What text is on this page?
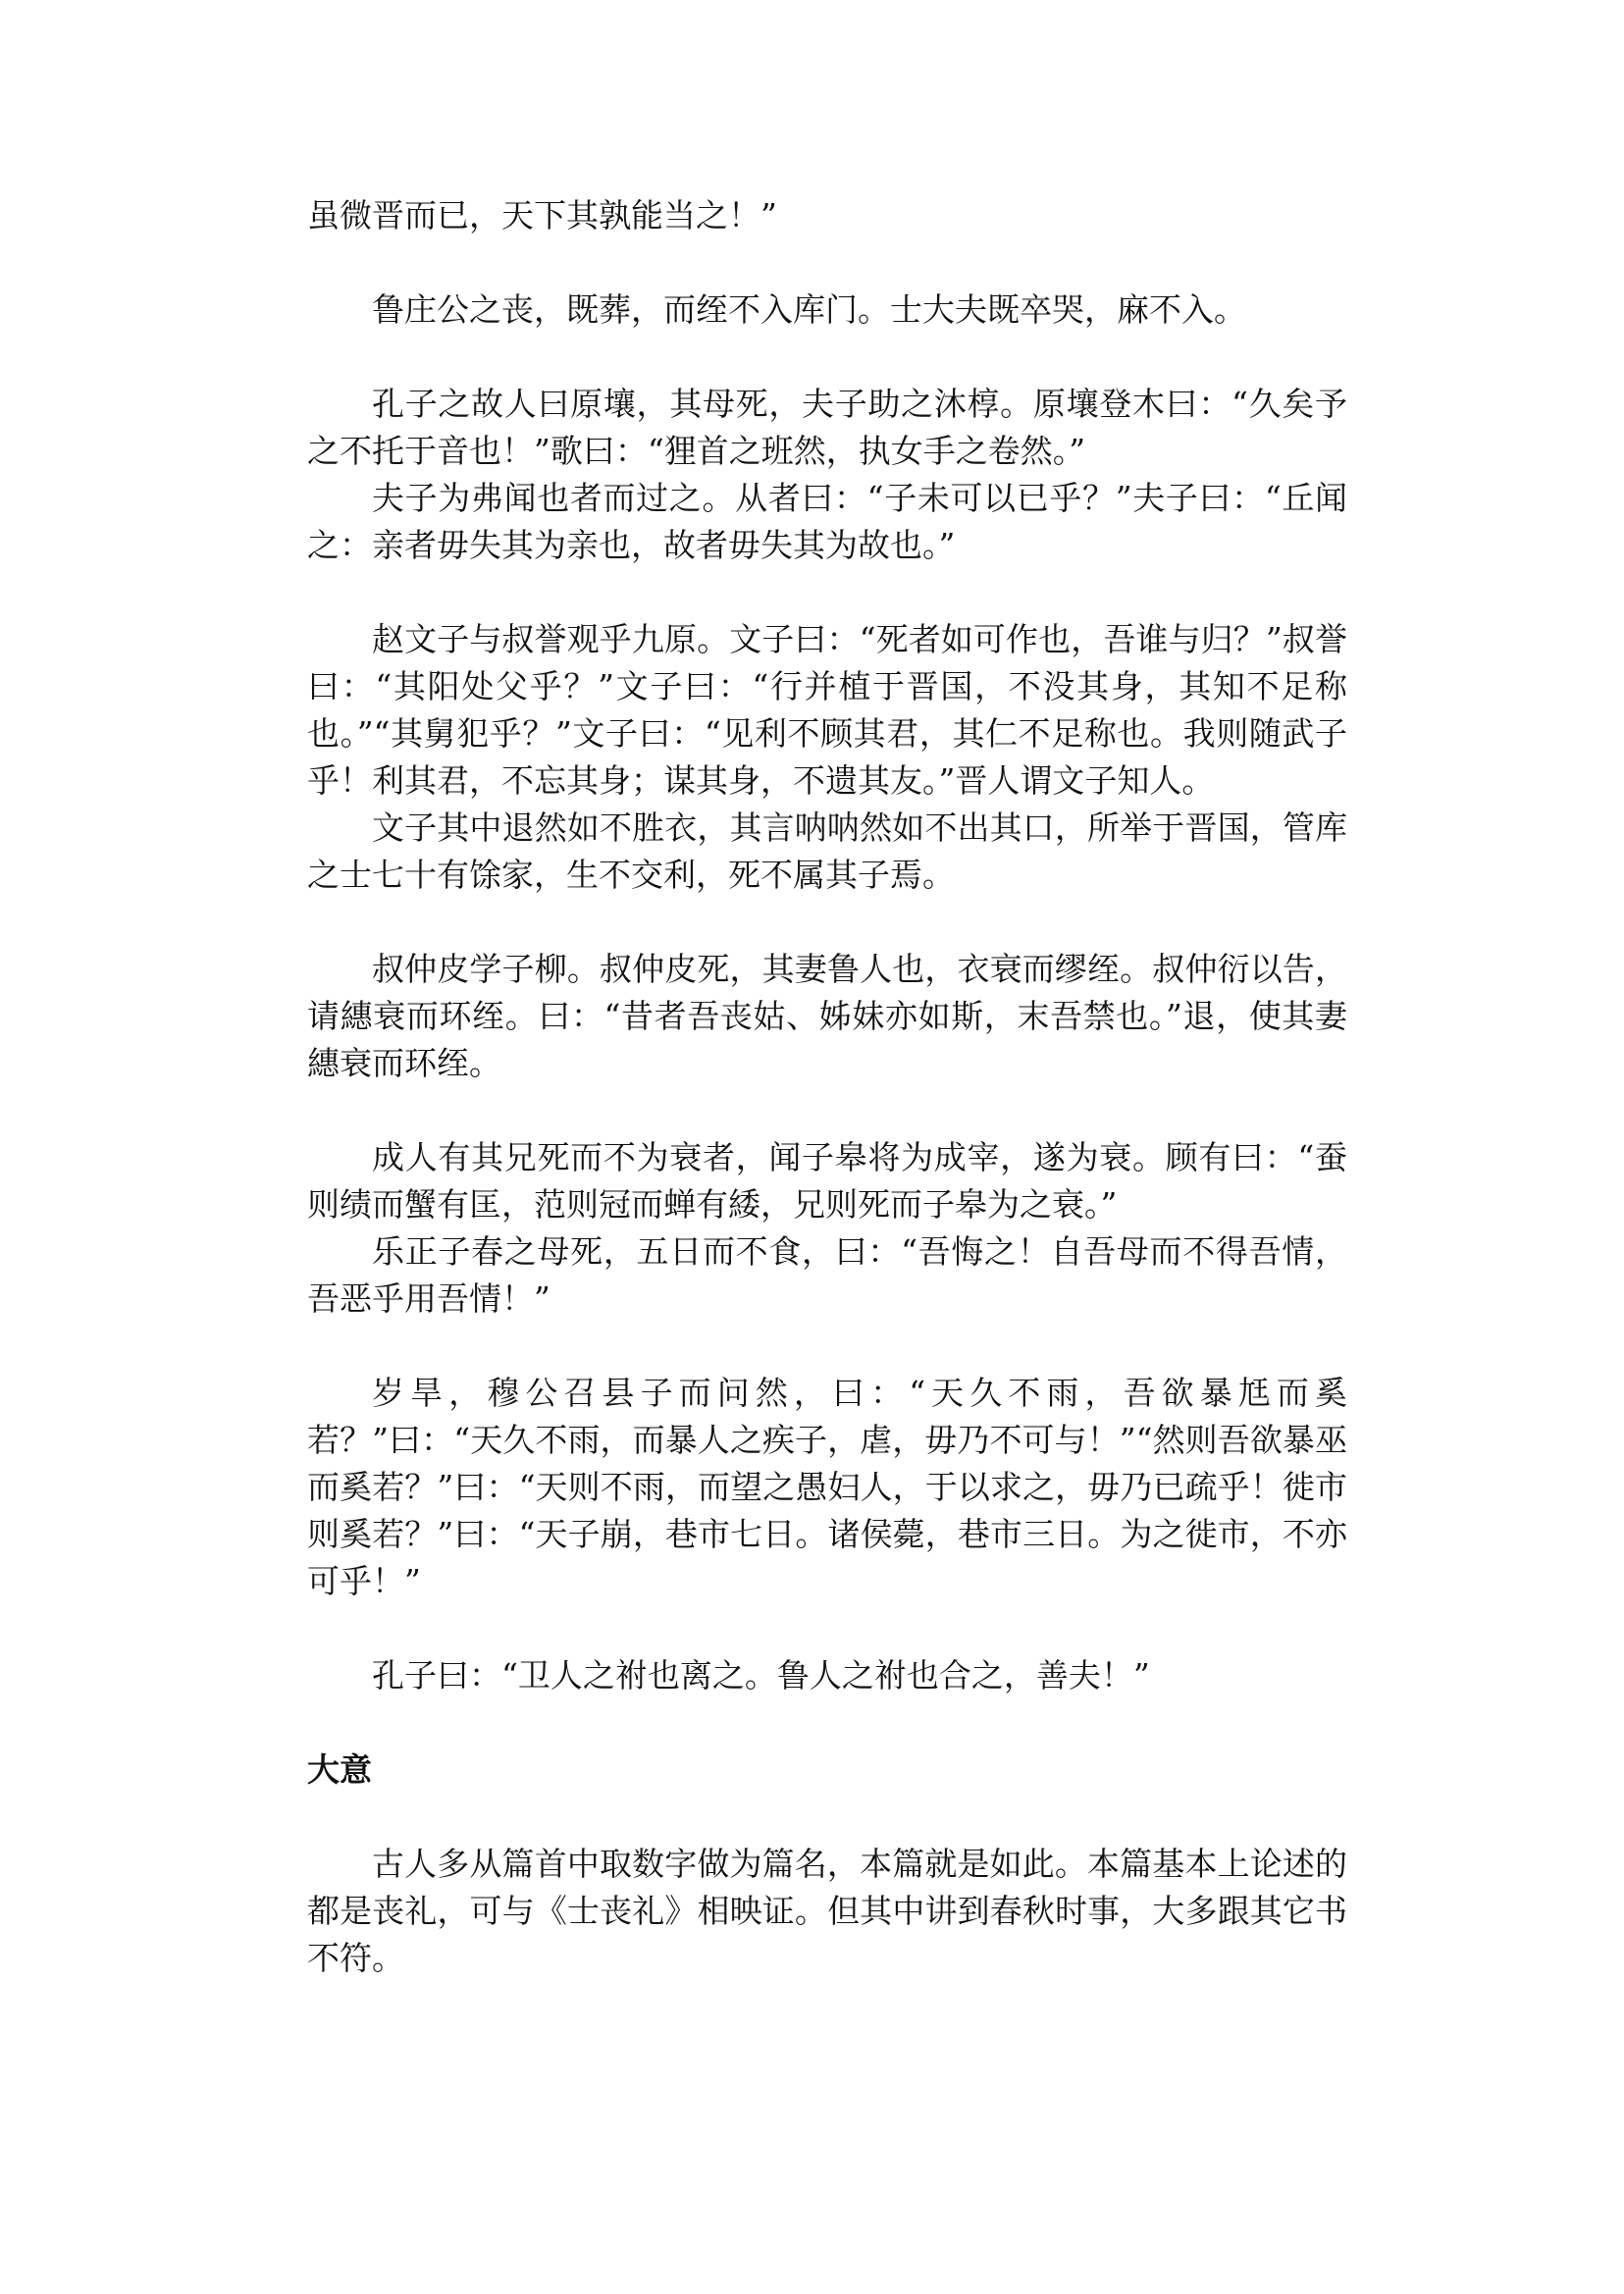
虽微晋而已，天下其孰能当之！”

鲁庄公之丧，既葬，而绖不入库门。士大夫既卒哭，麻不入。

孔子之故人曰原壤，其母死，夫子助之沐椁。原壤登木曰：“久矣予之不托于音也！”歌曰：“狸首之班然，执女手之卷然。”

夫子为弗闻也者而过之。从者曰：“子未可以已乎？”夫子曰：“丘闻之：亲者毋失其为亲也，故者毋失其为故也。”

赵文子与叔誉观乎九原。文子曰：“死者如可作也，吾谁与归？”叔誉曰：“其阳处父乎？”文子曰：“行并植于晋国，不没其身，其知不足称也。”“其舅犯乎？”文子曰：“见利不顾其君，其仁不足称也。我则随武子乎！利其君，不忘其身；谋其身，不遗其友。”晋人谓文子知人。

文子其中退然如不胜衣，其言呐呐然如不出其口，所举于晋国，管库之士七十有馀家，生不交利，死不属其子焉。

叔仲皮学子柳。叔仲皮死，其妻鲁人也，衣衰而缪绖。叔仲衍以告，请繐衰而环绖。曰：“昔者吾丧姑、姊妹亦如斯，末吾禁也。”退，使其妻繐衰而环绖。

成人有其兄死而不为衰者，闻子皋将为成宰，遂为衰。顾有曰：“蚕则绩而蟹有匡，范则冠而蝉有緌，兄则死而子皋为之衰。”

乐正子春之母死，五日而不食，曰：“吾悔之！自吾母而不得吾情，吾恶乎用吾情！”

岁旱，穆公召县子而问然，曰：“天久不雨，吾欲暴尪而奚若？”曰：“天久不雨，而暴人之疾子，虐，毋乃不可与！”“然则吾欲暴巫而奚若？”曰：“天则不雨，而望之愚妇人，于以求之，毋乃已疏乎！徙市则奚若？”曰：“天子崩，巷市七日。诸侯薨，巷市三日。为之徙市，不亦可乎！”

孔子曰：“卫人之祔也离之。鲁人之祔也合之，善夫！”

大意

古人多从篇首中取数字做为篇名，本篇就是如此。本篇基本上论述的都是丧礼，可与《士丧礼》相映证。但其中讲到春秋时事，大多跟其它书不符。
